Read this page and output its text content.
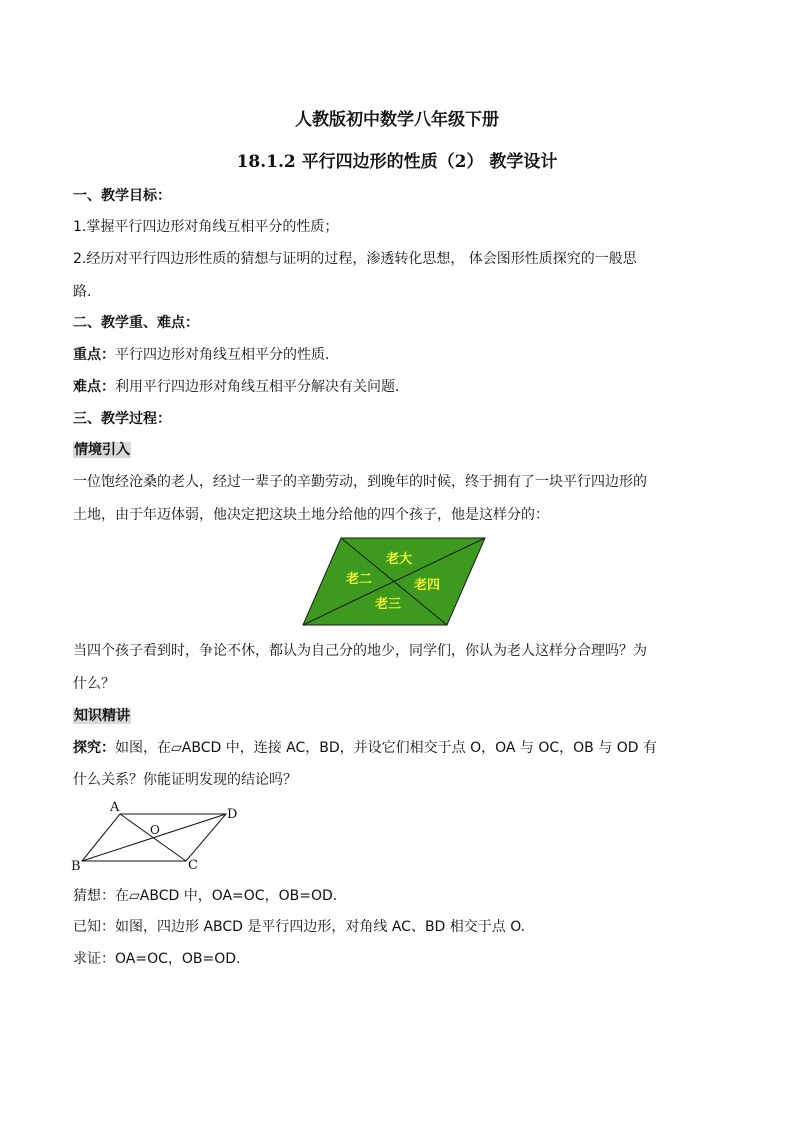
人教版初中数学八年级下册
18.1.2 平行四边形的性质（2） 教学设计
一、教学目标：
1.掌握平行四边形对角线互相平分的性质；
2.经历对平行四边形性质的猜想与证明的过程，渗透转化思想， 体会图形性质探究的一般思
路.
二、教学重、难点：
重点：平行四边形对角线互相平分的性质.
难点：利用平行四边形对角线互相平分解决有关问题.
三、教学过程：
情境引入
一位饱经沧桑的老人，经过一辈子的辛勤劳动，到晚年的时候，终于拥有了一块平行四边形的
土地，由于年迈体弱，他决定把这块土地分给他的四个孩子，他是这样分的：
老大
老二	老四
老三
当四个孩子看到时，争论不休，都认为自己分的地少，同学们，你认为老人这样分合理吗？为
什么？
知识精讲
探究：如图，在▱ABCD 中，连接 AC，BD，并设它们相交于点 O，OA 与 OC，OB 与 OD 有
什么关系？你能证明发现的结论吗？
A	D
B	C
O
猜想：在▱ABCD 中，OA=OC，OB=OD.
已知：如图，四边形 ABCD 是平行四边形，对角线 AC、BD 相交于点 O.
求证：OA=OC，OB=OD.
